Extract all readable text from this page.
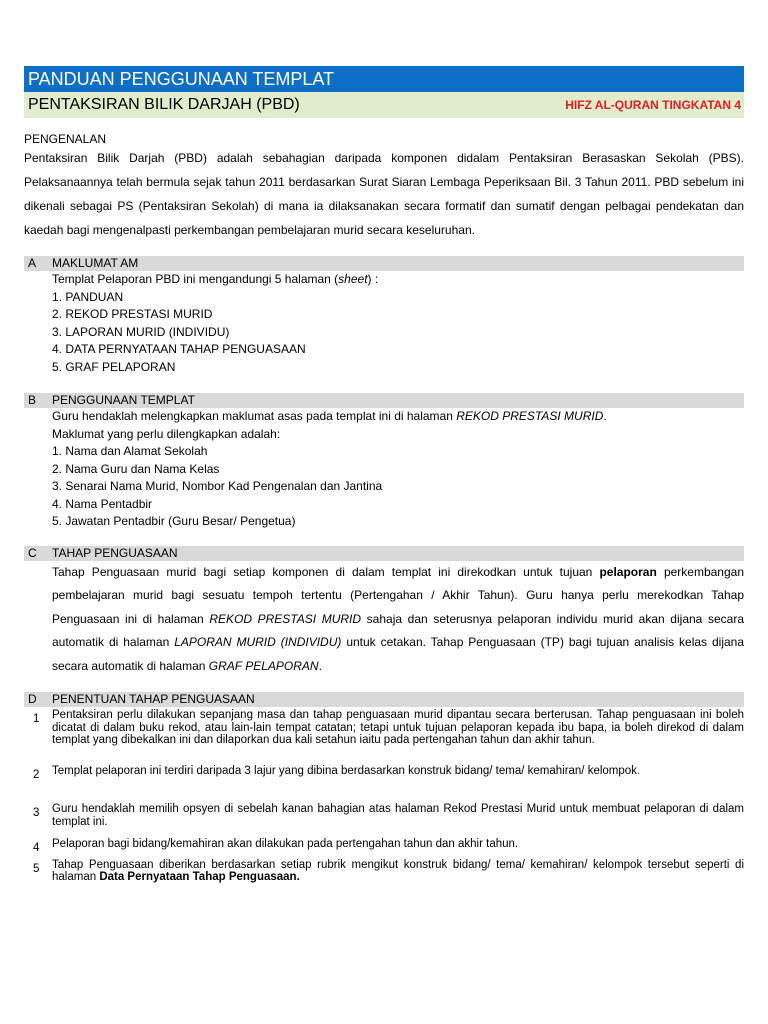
PANDUAN PENGGUNAAN TEMPLAT
PENTAKSIRAN BILIK DARJAH (PBD)	HIFZ AL-QURAN TINGKATAN 4
PENGENALAN
Pentaksiran Bilik Darjah (PBD) adalah sebahagian daripada komponen didalam Pentaksiran Berasaskan Sekolah (PBS). Pelaksanaannya telah bermula sejak tahun 2011 berdasarkan Surat Siaran Lembaga Peperiksaan Bil. 3 Tahun 2011. PBD sebelum ini dikenali sebagai PS (Pentaksiran Sekolah) di mana ia dilaksanakan secara formatif dan sumatif dengan pelbagai pendekatan dan kaedah bagi mengenalpasti perkembangan pembelajaran murid secara keseluruhan.
A	MAKLUMAT AM
Templat Pelaporan PBD ini mengandungi 5 halaman (sheet) :
1. PANDUAN
2. REKOD PRESTASI MURID
3. LAPORAN MURID (INDIVIDU)
4. DATA PERNYATAAN TAHAP PENGUASAAN
5. GRAF PELAPORAN
B	PENGGUNAAN TEMPLAT
Guru hendaklah melengkapkan maklumat asas pada templat ini di halaman REKOD PRESTASI MURID.
Maklumat yang perlu dilengkapkan adalah:
1. Nama dan Alamat Sekolah
2. Nama Guru dan Nama Kelas
3. Senarai Nama Murid, Nombor Kad Pengenalan dan Jantina
4. Nama Pentadbir
5. Jawatan Pentadbir (Guru Besar/ Pengetua)
C	TAHAP PENGUASAAN
Tahap Penguasaan murid bagi setiap komponen di dalam templat ini direkodkan untuk tujuan pelaporan perkembangan pembelajaran murid bagi sesuatu tempoh tertentu (Pertengahan / Akhir Tahun). Guru hanya perlu merekodkan Tahap Penguasaan ini di halaman REKOD PRESTASI MURID sahaja dan seterusnya pelaporan individu murid akan dijana secara automatik di halaman LAPORAN MURID (INDIVIDU) untuk cetakan. Tahap Penguasaan (TP) bagi tujuan analisis kelas dijana secara automatik di halaman GRAF PELAPORAN.
D	PENENTUAN TAHAP PENGUASAAN
1	Pentaksiran perlu dilakukan sepanjang masa dan tahap penguasaan murid dipantau secara berterusan. Tahap penguasaan ini boleh dicatat di dalam buku rekod, atau lain-lain tempat catatan; tetapi untuk tujuan pelaporan kepada ibu bapa, ia boleh direkod di dalam templat yang dibekalkan ini dan dilaporkan dua kali setahun iaitu pada pertengahan tahun dan akhir tahun.
2	Templat pelaporan ini terdiri daripada 3 lajur yang dibina berdasarkan konstruk bidang/ tema/ kemahiran/ kelompok.
3	Guru hendaklah memilih opsyen di sebelah kanan bahagian atas halaman Rekod Prestasi Murid untuk membuat pelaporan di dalam templat ini.
4	Pelaporan bagi bidang/kemahiran akan dilakukan pada pertengahan tahun dan akhir tahun.
5	Tahap Penguasaan diberikan berdasarkan setiap rubrik mengikut konstruk bidang/ tema/ kemahiran/ kelompok tersebut seperti di halaman Data Pernyataan Tahap Penguasaan.
